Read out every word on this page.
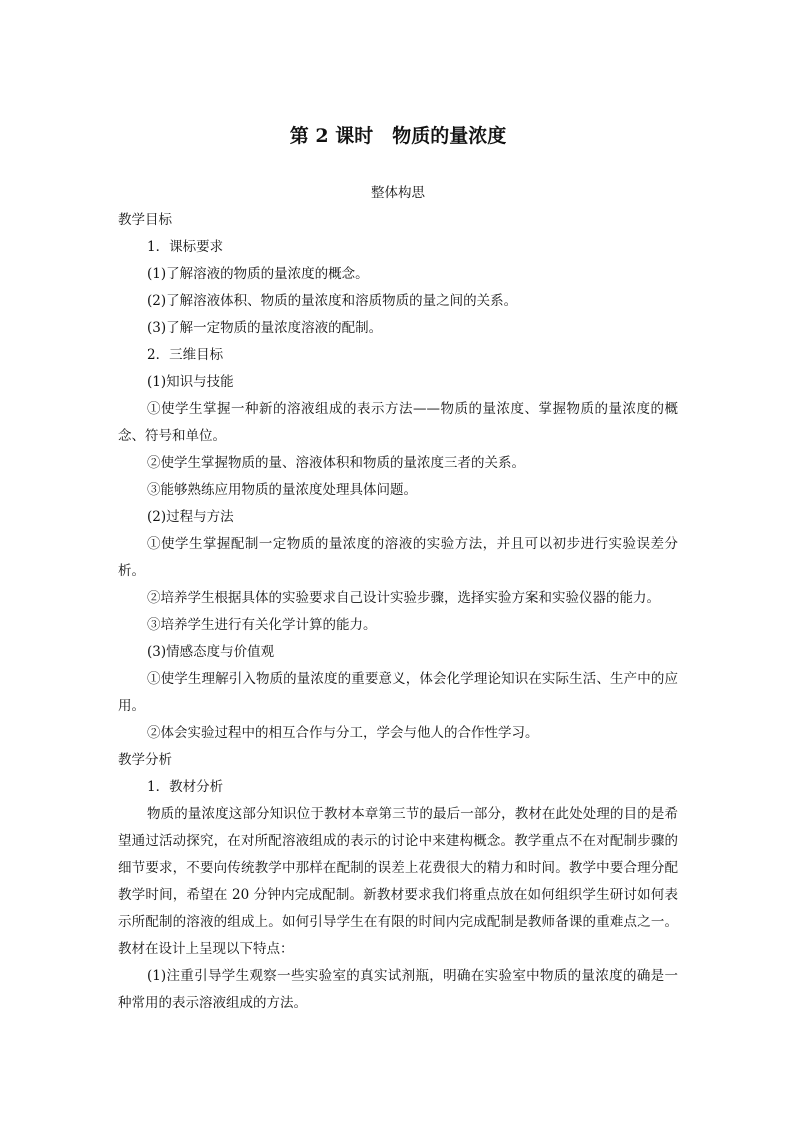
第 2 课时　物质的量浓度

整体构思

教学目标

1．课标要求

(1)了解溶液的物质的量浓度的概念。

(2)了解溶液体积、物质的量浓度和溶质物质的量之间的关系。

(3)了解一定物质的量浓度溶液的配制。

2．三维目标

(1)知识与技能

①使学生掌握一种新的溶液组成的表示方法——物质的量浓度、掌握物质的量浓度的概念、符号和单位。

②使学生掌握物质的量、溶液体积和物质的量浓度三者的关系。

③能够熟练应用物质的量浓度处理具体问题。

(2)过程与方法

①使学生掌握配制一定物质的量浓度的溶液的实验方法，并且可以初步进行实验误差分析。

②培养学生根据具体的实验要求自己设计实验步骤，选择实验方案和实验仪器的能力。

③培养学生进行有关化学计算的能力。

(3)情感态度与价值观

①使学生理解引入物质的量浓度的重要意义，体会化学理论知识在实际生活、生产中的应用。

②体会实验过程中的相互合作与分工，学会与他人的合作性学习。

教学分析

1．教材分析

物质的量浓度这部分知识位于教材本章第三节的最后一部分，教材在此处处理的目的是希望通过活动探究，在对所配溶液组成的表示的讨论中来建构概念。教学重点不在对配制步骤的细节要求，不要向传统教学中那样在配制的误差上花费很大的精力和时间。教学中要合理分配教学时间，希望在 20 分钟内完成配制。新教材要求我们将重点放在如何组织学生研讨如何表示所配制的溶液的组成上。如何引导学生在有限的时间内完成配制是教师备课的重难点之一。教材在设计上呈现以下特点：

(1)注重引导学生观察一些实验室的真实试剂瓶，明确在实验室中物质的量浓度的确是一种常用的表示溶液组成的方法。
